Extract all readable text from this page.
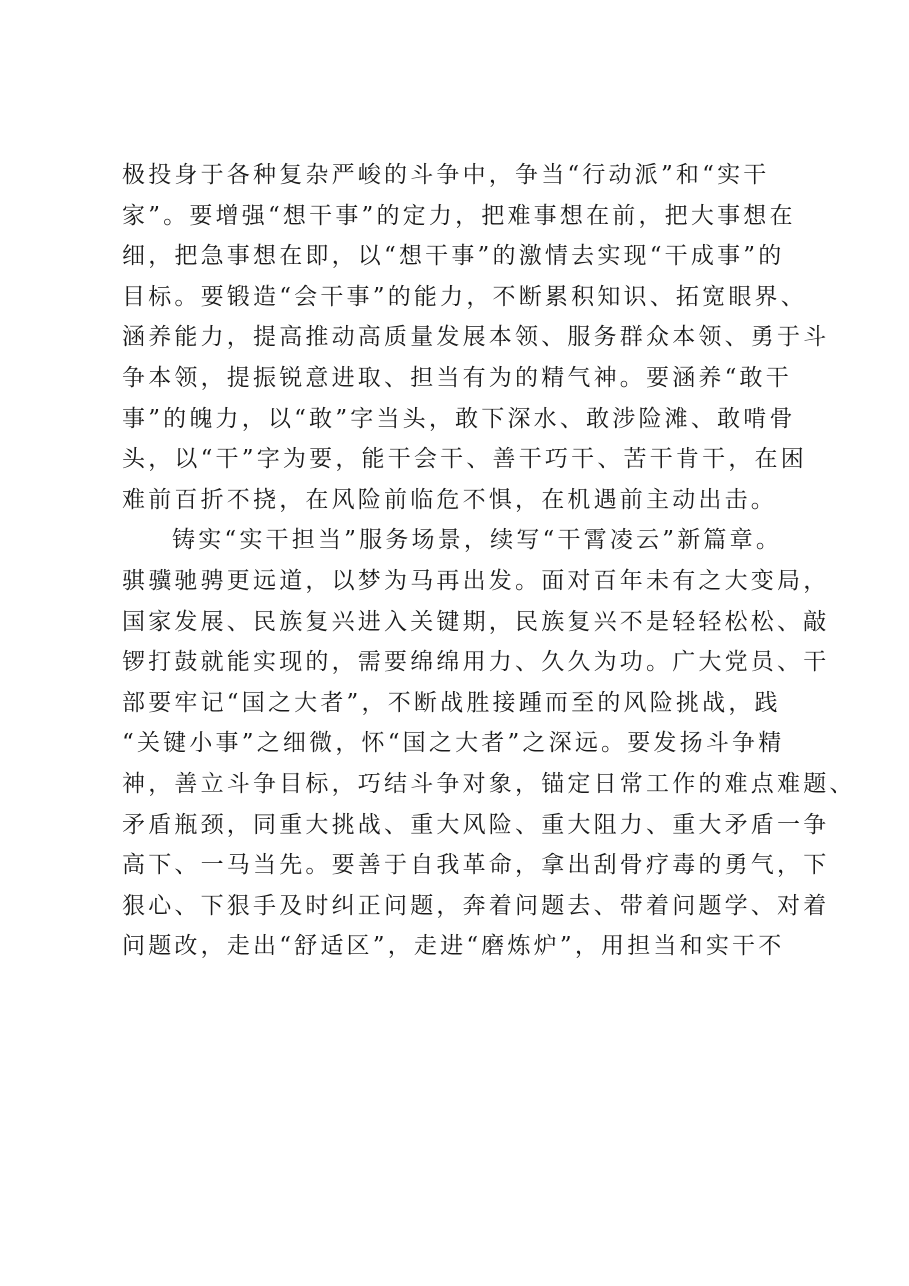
极投身于各种复杂严峻的斗争中，争当“行动派”和“实干
家”。要增强“想干事”的定力，把难事想在前，把大事想在
细，把急事想在即，以“想干事”的激情去实现“干成事”的
目标。要锻造“会干事”的能力，不断累积知识、拓宽眼界、
涵养能力，提高推动高质量发展本领、服务群众本领、勇于斗
争本领，提振锐意进取、担当有为的精气神。要涵养“敢干
事”的魄力，以“敢”字当头，敢下深水、敢涉险滩、敢啃骨
头，以“干”字为要，能干会干、善干巧干、苦干肯干，在困
难前百折不挠，在风险前临危不惧，在机遇前主动出击。
铸实“实干担当”服务场景，续写“干霄凌云”新篇章。
骐骥驰骋更远道，以梦为马再出发。面对百年未有之大变局，
国家发展、民族复兴进入关键期，民族复兴不是轻轻松松、敲
锣打鼓就能实现的，需要绵绵用力、久久为功。广大党员、干
部要牢记“国之大者”，不断战胜接踵而至的风险挑战，践
“关键小事”之细微，怀“国之大者”之深远。要发扬斗争精
神，善立斗争目标，巧结斗争对象，锚定日常工作的难点难题、
矛盾瓶颈，同重大挑战、重大风险、重大阻力、重大矛盾一争
高下、一马当先。要善于自我革命，拿出刮骨疗毒的勇气，下
狠心、下狠手及时纠正问题，奔着问题去、带着问题学、对着
问题改，走出“舒适区”，走进“磨炼炉”，用担当和实干不
